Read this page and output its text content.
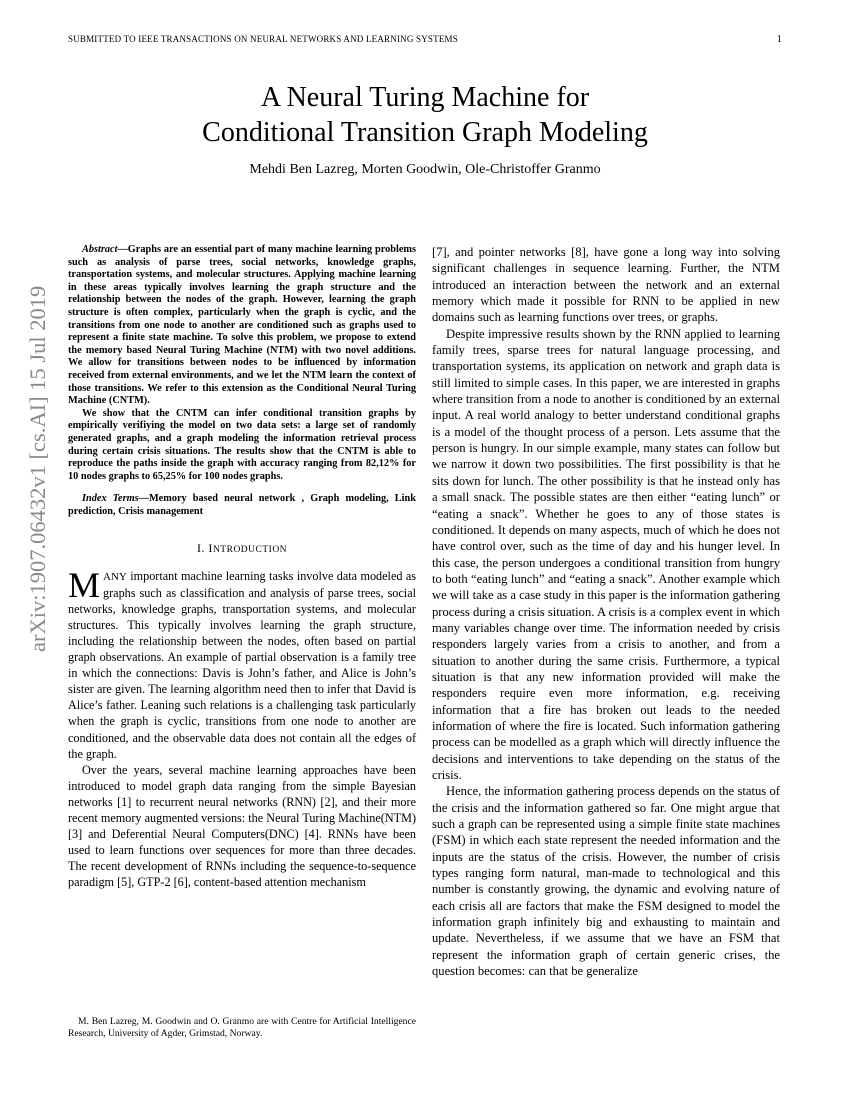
SUBMITTED TO IEEE TRANSACTIONS ON NEURAL NETWORKS AND LEARNING SYSTEMS	1
arXiv:1907.06432v1 [cs.AI] 15 Jul 2019
A Neural Turing Machine for
Conditional Transition Graph Modeling
Mehdi Ben Lazreg, Morten Goodwin, Ole-Christoffer Granmo

Abstract—Graphs are an essential part of many machine learning problems such as analysis of parse trees, social networks, knowledge graphs, transportation systems, and molecular structures. Applying machine learning in these areas typically involves learning the graph structure and the relationship between the nodes of the graph. However, learning the graph structure is often complex, particularly when the graph is cyclic, and the transitions from one node to another are conditioned such as graphs used to represent a finite state machine. To solve this problem, we propose to extend the memory based Neural Turing Machine (NTM) with two novel additions. We allow for transitions between nodes to be influenced by information received from external environments, and we let the NTM learn the context of those transitions. We refer to this extension as the Conditional Neural Turing Machine (CNTM).

We show that the CNTM can infer conditional transition graphs by empirically verifiying the model on two data sets: a large set of randomly generated graphs, and a graph modeling the information retrieval process during certain crisis situations. The results show that the CNTM is able to reproduce the paths inside the graph with accuracy ranging from 82,12% for 10 nodes graphs to 65,25% for 100 nodes graphs.

Index Terms—Memory based neural network , Graph modeling, Link prediction, Crisis management

I. INTRODUCTION

MANY important machine learning tasks involve data modeled as graphs such as classification and analysis of parse trees, social networks, knowledge graphs, transportation systems, and molecular structures. This typically involves learning the graph structure, including the relationship between the nodes, often based on partial graph observations. An example of partial observation is a family tree in which the connections: Davis is John’s father, and Alice is John’s sister are given. The learning algorithm need then to infer that David is Alice’s father. Leaning such relations is a challenging task particularly when the graph is cyclic, transitions from one node to another are conditioned, and the observable data does not contain all the edges of the graph.

Over the years, several machine learning approaches have been introduced to model graph data ranging from the simple Bayesian networks [1] to recurrent neural networks (RNN) [2], and their more recent memory augmented versions: the Neural Turing Machine(NTM) [3] and Deferential Neural Computers(DNC) [4]. RNNs have been used to learn functions over sequences for more than three decades. The recent development of RNNs including the sequence-to-sequence paradigm [5], GTP-2 [6], content-based attention mechanism

M. Ben Lazreg, M. Goodwin and O. Granmo are with Centre for Artificial Intelligence Research, University of Agder, Grimstad, Norway.

[7], and pointer networks [8], have gone a long way into solving significant challenges in sequence learning. Further, the NTM introduced an interaction between the network and an external memory which made it possible for RNN to be applied in new domains such as learning functions over trees, or graphs.

Despite impressive results shown by the RNN applied to learning family trees, sparse trees for natural language processing, and transportation systems, its application on network and graph data is still limited to simple cases. In this paper, we are interested in graphs where transition from a node to another is conditioned by an external input. A real world analogy to better understand conditional graphs is a model of the thought process of a person. Lets assume that the person is hungry. In our simple example, many states can follow but we narrow it down two possibilities. The first possibility is that he sits down for lunch. The other possibility is that he instead only has a small snack. The possible states are then either “eating lunch” or “eating a snack”. Whether he goes to any of those states is conditioned. It depends on many aspects, much of which he does not have control over, such as the time of day and his hunger level. In this case, the person undergoes a conditional transition from hungry to both “eating lunch” and “eating a snack”. Another example which we will take as a case study in this paper is the information gathering process during a crisis situation. A crisis is a complex event in which many variables change over time. The information needed by crisis responders largely varies from a crisis to another, and from a situation to another during the same crisis. Furthermore, a typical situation is that any new information provided will make the responders require even more information, e.g. receiving information that a fire has broken out leads to the needed information of where the fire is located. Such information gathering process can be modelled as a graph which will directly influence the decisions and interventions to take depending on the status of the crisis.

Hence, the information gathering process depends on the status of the crisis and the information gathered so far. One might argue that such a graph can be represented using a simple finite state machines (FSM) in which each state represent the needed information and the inputs are the status of the crisis. However, the number of crisis types ranging form natural, man-made to technological and this number is constantly growing, the dynamic and evolving nature of each crisis all are factors that make the FSM designed to model the information graph infinitely big and exhausting to maintain and update. Nevertheless, if we assume that we have an FSM that represent the information graph of certain generic crises, the question becomes: can that be generalize
